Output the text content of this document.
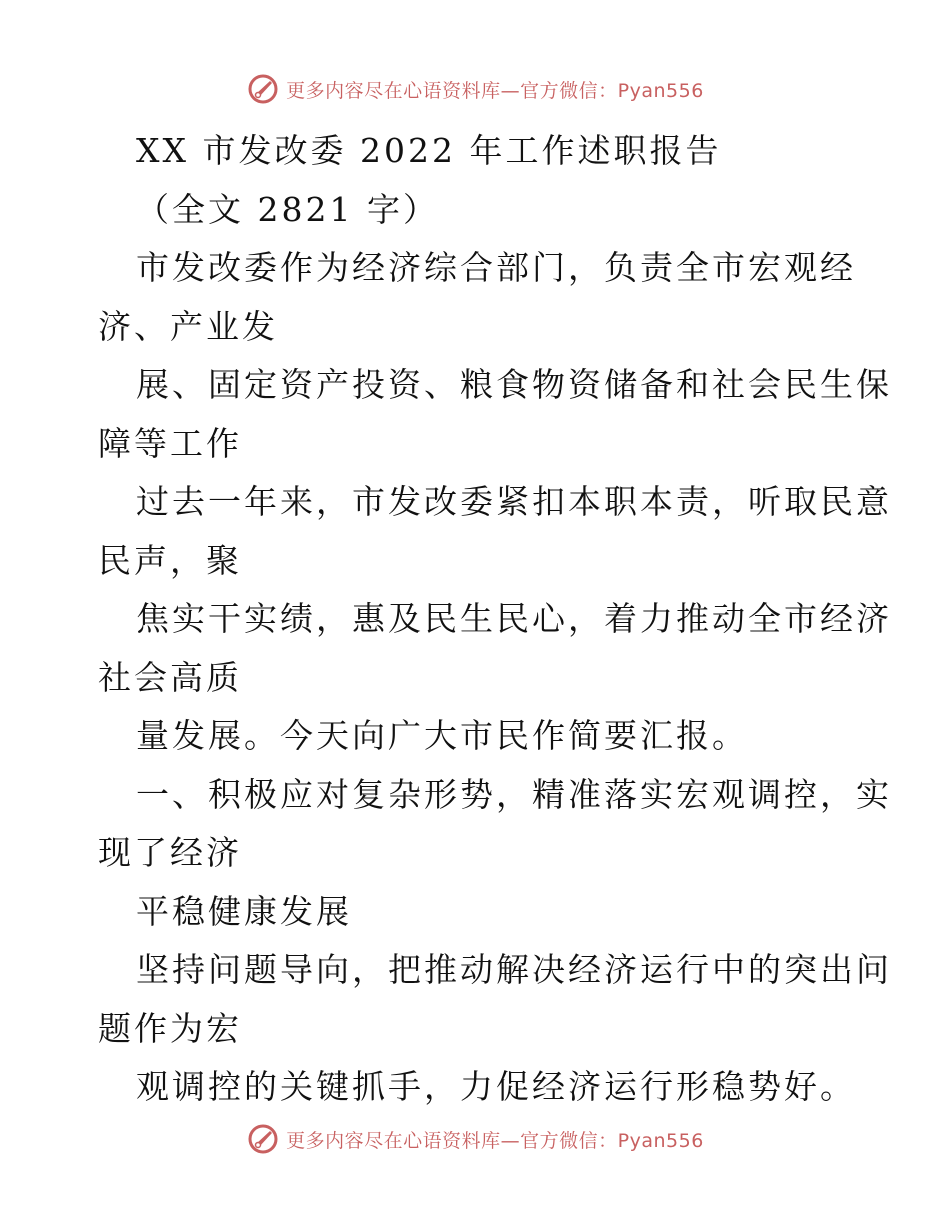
更多内容尽在心语资料库—官方微信：Pyan556
XX 市发改委 2022 年工作述职报告
（全文 2821 字）
市发改委作为经济综合部门，负责全市宏观经
济、产业发
展、固定资产投资、粮食物资储备和社会民生保
障等工作
过去一年来，市发改委紧扣本职本责，听取民意
民声，聚
焦实干实绩，惠及民生民心，着力推动全市经济
社会高质
量发展。今天向广大市民作简要汇报。
一、积极应对复杂形势，精准落实宏观调控，实
现了经济
平稳健康发展
坚持问题导向，把推动解决经济运行中的突出问
题作为宏
观调控的关键抓手，力促经济运行形稳势好。
更多内容尽在心语资料库—官方微信：Pyan556
